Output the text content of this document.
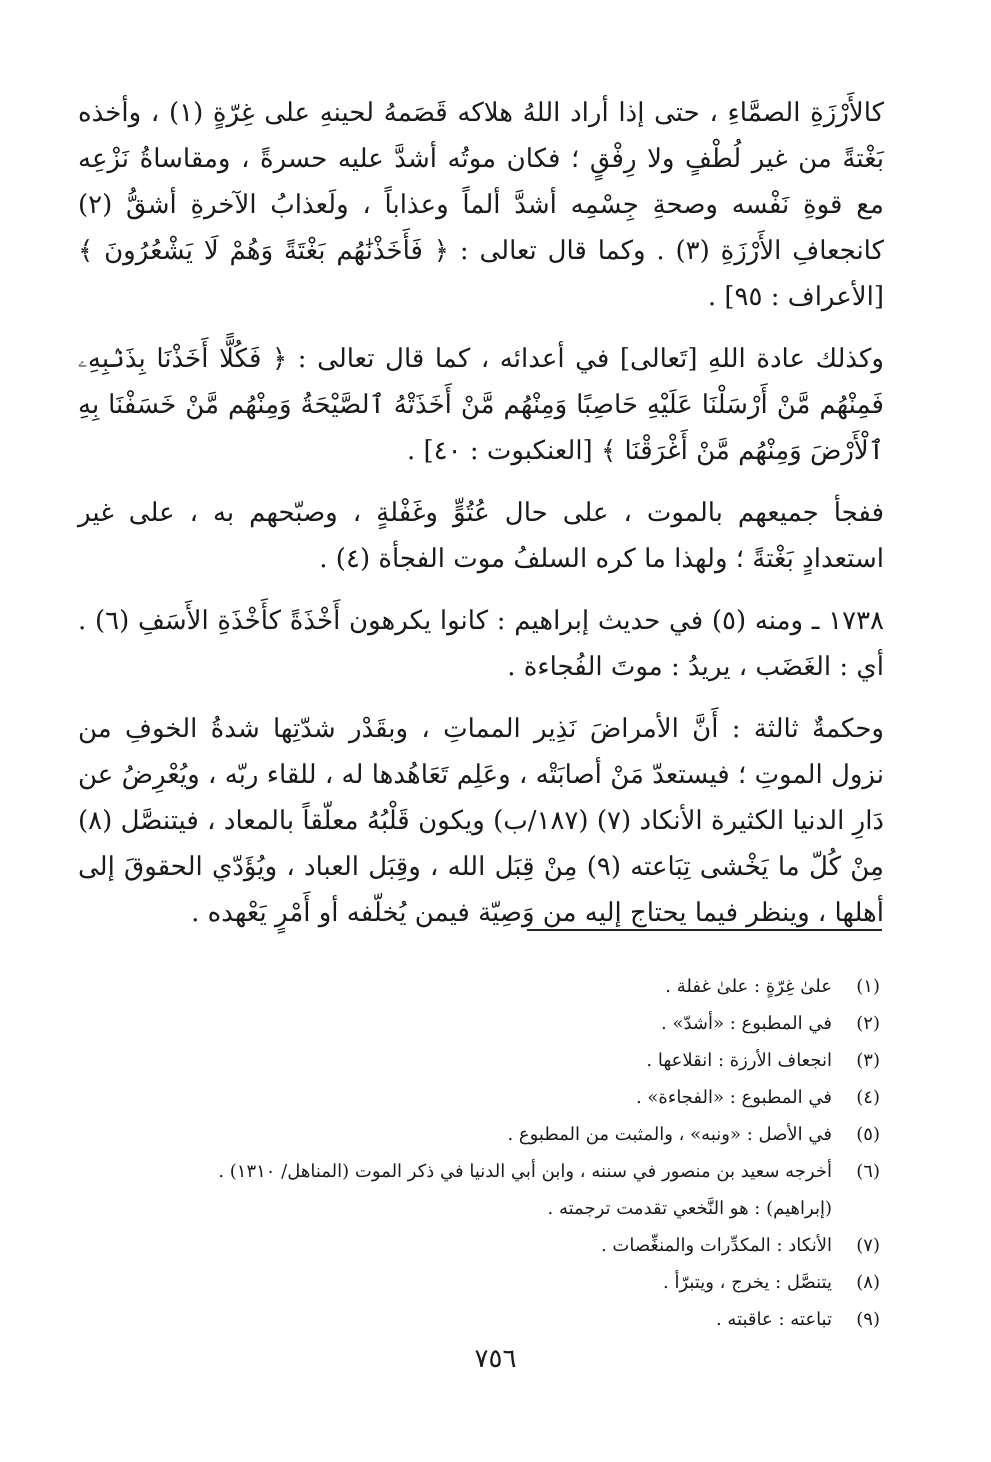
كالأَرْزَةِ الصمَّاءِ ، حتى إذا أراد اللهُ هلاكه قَصَمهُ لحينهِ على غِرّةٍ (١) ، وأخذه بَغْتةً من غير لُطْفٍ ولا رِفْقٍ ؛ فكان موتُه أشدَّ عليه حسرةً ، ومقاساةُ نَزْعِه مع قوةِ نَفْسه وصحةِ جِسْمِه أشدَّ ألماً وعذاباً ، ولَعذابُ الآخرةِ أشقُّ (٢) كانجعافِ الأَرْزَةِ (٣) . وكما قال تعالى : ﴿ فَأَخَذْنَٰهُم بَغْتَةً وَهُمْ لَا يَشْعُرُونَ ﴾ [الأعراف : ٩٥] .

وكذلك عادة اللهِ [تَعالى] في أعدائه ، كما قال تعالى : ﴿ فَكُلًّا أَخَذْنَا بِذَنۢبِهِۦ فَمِنْهُم مَّنْ أَرْسَلْنَا عَلَيْهِ حَاصِبًا وَمِنْهُم مَّنْ أَخَذَتْهُ ٱلصَّيْحَةُ وَمِنْهُم مَّنْ خَسَفْنَا بِهِ ٱلْأَرْضَ وَمِنْهُم مَّنْ أَغْرَقْنَا ﴾ [العنكبوت : ٤٠] .

ففجأ جميعهم بالموت ، على حال عُتُوٍّ وغَفْلةٍ ، وصبّحهم به ، على غير استعدادٍ بَغْتةً ؛ ولهذا ما كره السلفُ موت الفجأة (٤) .

١٧٣٨ ـ ومنه (٥) في حديث إبراهيم : كانوا يكرهون أَخْذَةً كأَخْذَةِ الأَسَفِ (٦) . أي : الغَضَب ، يريدُ : موتَ الفُجاءة .

وحكمةٌ ثالثة : أَنَّ الأمراضَ نَذِير المماتِ ، وبقَدْر شدّتِها شدةُ الخوفِ من نزول الموتِ ؛ فيستعدّ مَنْ أصابَتْه ، وعَلِم تَعَاهُدها له ، للقاء ربّه ، ويُعْرِضُ عن دَارِ الدنيا الكثيرة الأنكاد (٧) (١٨٧/ب) ويكون قَلْبُهُ معلّقاً بالمعاد ، فيتنصَّل (٨) مِنْ كُلّ ما يَخْشى تِبَاعته (٩) مِنْ قِبَل الله ، وقِبَل العباد ، ويُؤَدّي الحقوقَ إلى أهلها ، وينظر فيما يحتاج إليه من وَصِيّة فيمن يُخلّفه أو أَمْرٍ يَعْهده .

(١)
علىٰ غِرّةٍ : علىٰ غفلة .
(٢)
في المطبوع : «أشدّ» .
(٣)
انجعاف الأرزة : انقلاعها .
(٤)
في المطبوع : «الفجاءة» .
(٥)
في الأصل : «ونبه» ، والمثبت من المطبوع .
(٦)
أخرجه سعيد بن منصور في سننه ، وابن أبي الدنيا في ذكر الموت (المناهل/ ١٣١٠) .
(إبراهيم) : هو النَّخعي تقدمت ترجمته .
(٧)
الأنكاد : المكدِّرات والمنغِّصات .
(٨)
يتنصَّل : يخرج ، ويتبرّأ .
(٩)
تباعته : عاقبته .
٧٥٦
